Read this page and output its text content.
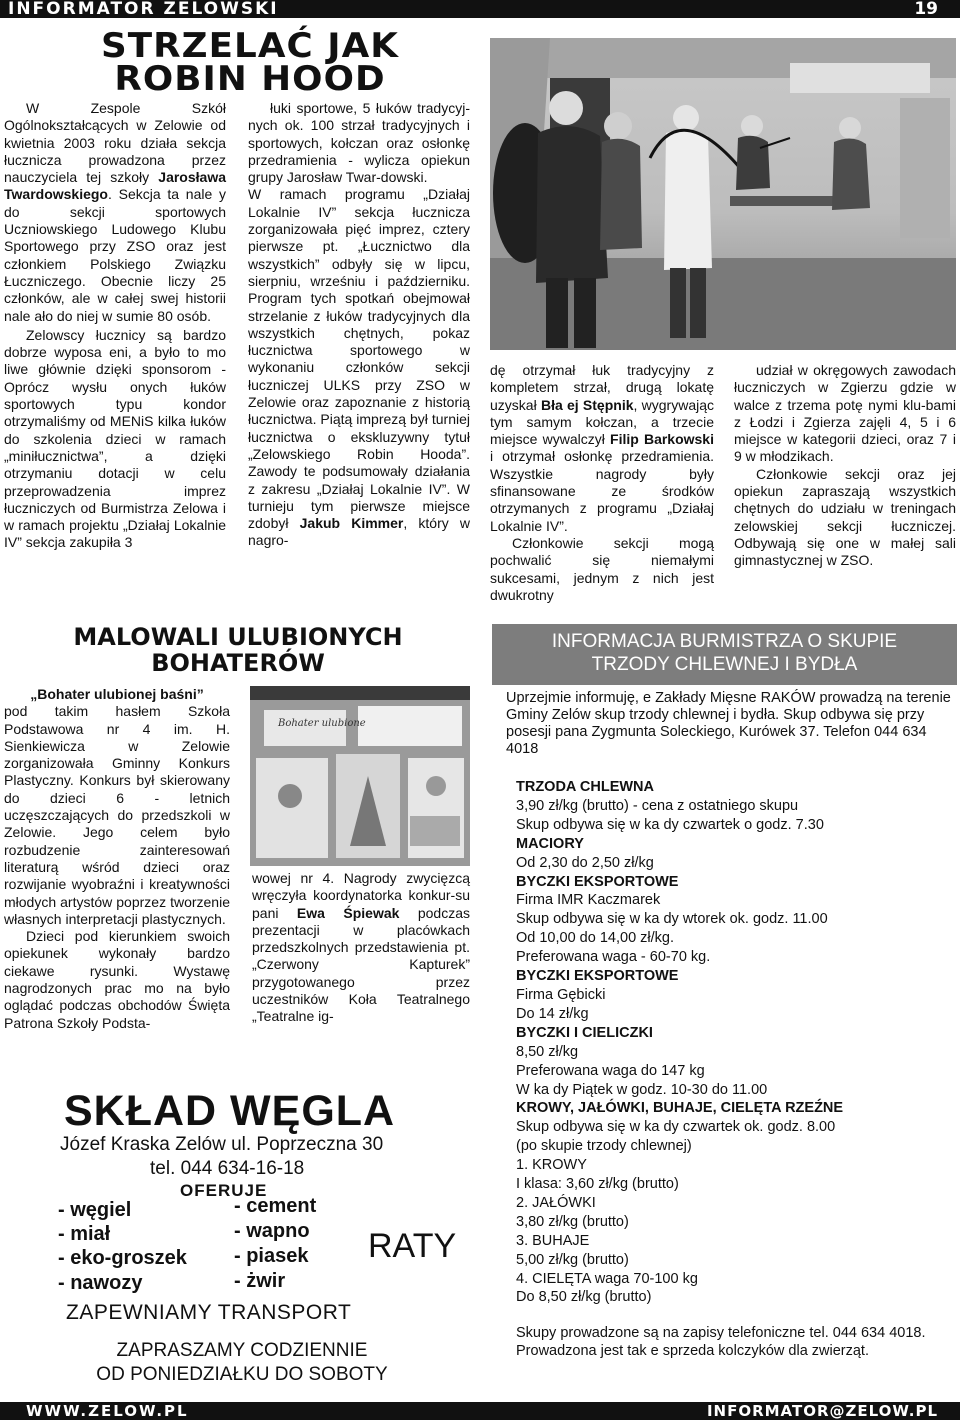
INFORMATOR ZELOWSKI	19
STRZELAĆ JAK
ROBIN HOOD

W Zespole Szkół Ogólnokształcących w Zelowie od kwietnia 2003 roku działa sekcja łucznicza prowadzona przez nauczyciela tej szkoły Jarosława Twardowskiego. Sekcja ta nale y do sekcji sportowych Uczniowskiego Ludowego Klubu Sportowego przy ZSO oraz jest członkiem Polskiego Związku Łuczniczego. Obecnie liczy 25 członków, ale w całej swej historii nale ało do niej w sumie 80 osób.

Zelowscy łucznicy są bardzo dobrze wyposa eni, a było to mo liwe głównie dzięki sponsorom - Oprócz wysłu onych łuków sportowych typu kondor otrzymaliśmy od MENiS kilka łuków do szkolenia dzieci w ramach „miniłucznictwa”, a dzięki otrzymaniu dotacji w celu przeprowadzenia imprez łuczniczych od Burmistrza Zelowa i w ramach projektu „Działaj Lokalnie IV” sekcja zakupiła 3

łuki sportowe, 5 łuków tradycyj-nych ok. 100 strzał tradycyjnych i sportowych, kołczan oraz osłonkę przedramienia - wylicza opiekun grupy Jarosław Twar-dowski.

W ramach programu „Działaj Lokalnie IV” sekcja łucznicza zorganizowała pięć imprez, cztery pierwsze pt. „Łucznictwo dla wszystkich” odbyły się w lipcu, sierpniu, wrześniu i październiku. Program tych spotkań obejmował strzelanie z łuków tradycyjnych dla wszystkich chętnych, pokaz łucznictwa sportowego w wykonaniu członków sekcji łuczniczej ULKS przy ZSO w Zelowie oraz zapoznanie z historią łucznictwa. Piątą imprezą był turniej łucznictwa o ekskluzywny tytuł „Zelowskiego Robin Hooda”. Zawody te podsumowały działania z zakresu „Działaj Lokalnie IV”. W turnieju tym pierwsze miejsce zdobył

Jakub Kimmer, który w nagro-

dę otrzymał łuk tradycyjny z kompletem strzał, drugą lokatę uzyskał Bła ej Stępnik, wygrywając tym samym kołczan, a trzecie miejsce wywalczył Filip Barkowski i otrzymał osłonkę przedramienia. Wszystkie nagrody były sfinansowane ze środków otrzymanych z programu „Działaj Lokalnie IV”.

Członkowie sekcji mogą pochwalić się niemałymi sukcesami, jednym z nich jest dwukrotny

udział w okręgowych zawodach łuczniczych w Zgierzu gdzie w walce z trzema potę nymi klu-bami z Łodzi i Zgierza zajęli 4, 5 i 6 miejsce w kategorii dzieci, oraz 7 i 9 w młodzikach.

Członkowie sekcji oraz jej opiekun zapraszają wszystkich chętnych do udziału w treningach zelowskiej sekcji łuczniczej. Odbywają się one w małej sali gimnastycznej w ZSO.

MALOWALI ULUBIONYCH
BOHATERÓW

„Bohater ulubionej baśni”

pod takim hasłem Szkoła Podstawowa nr 4 im. H. Sienkiewicza w Zelowie zorganizowała Gminny Konkurs Plastyczny. Konkurs był skierowany do dzieci 6 - letnich uczęszczających do przedszkoli w Zelowie. Jego celem było rozbudzenie zainteresowań literaturą wśród dzieci oraz rozwijanie wyobraźni i kreatywności młodych artystów poprzez tworzenie własnych interpretacji plastycznych.

Dzieci pod kierunkiem swoich opiekunek wykonały bardzo ciekawe rysunki. Wystawę nagrodzonych prac mo na było oglądać podczas obchodów Święta Patrona Szkoły Podsta-

Bohater ulubione

wowej nr 4. Nagrody zwycięzcą wręczyła koordynatorka konkur-su pani Ewa Śpiewak podczas prezentacji w placówkach przedszkolnych przedstawienia pt. „Czerwony Kapturek” przygotowanego przez uczestników Koła Teatralnego „Teatralne ig-

INFORMACJA BURMISTRZA O SKUPIE
TRZODY CHLEWNEJ I BYDŁA
Uprzejmie informuję, e Zakłady Mięsne RAKÓW prowadzą na terenie Gminy Zelów skup trzody chlewnej i bydła. Skup odbywa się przy posesji pana Zygmunta Soleckiego, Kurówek 37. Telefon 044 634 4018
TRZODA CHLEWNA
3,90 zł/kg (brutto) - cena z ostatniego skupu
Skup odbywa się w ka dy czwartek o godz. 7.30
MACIORY
Od 2,30 do 2,50 zł/kg
BYCZKI EKSPORTOWE
Firma IMR Kaczmarek
Skup odbywa się w ka dy wtorek ok. godz. 11.00
Od 10,00 do 14,00 zł/kg.
Preferowana waga - 60-70 kg.
BYCZKI EKSPORTOWE
Firma Gębicki
Do 14 zł/kg
BYCZKI I CIELICZKI
8,50 zł/kg
Preferowana waga do 147 kg
W ka dy Piątek w godz. 10-30 do 11.00
KROWY, JAŁÓWKI, BUHAJE, CIELĘTA RZEŹNE
Skup odbywa się w ka dy czwartek ok. godz. 8.00
(po skupie trzody chlewnej)
1. KROWY
I klasa: 3,60 zł/kg (brutto)
2. JAŁÓWKI
3,80 zł/kg (brutto)
3. BUHAJE
5,00 zł/kg (brutto)
4. CIELĘTA waga 70-100 kg
Do 8,50 zł/kg (brutto)
Skupy prowadzone są na zapisy telefoniczne tel. 044 634 4018. Prowadzona jest tak e sprzeda kolczyków dla zwierząt.
SKŁAD WĘGLA
Józef Kraska Zelów ul. Poprzeczna 30
tel. 044 634-16-18
OFERUJE
- węgiel
- miał
- eko-groszek
- nawozy
- cement
- wapno
- piasek
- żwir
RATY
ZAPEWNIAMY TRANSPORT
ZAPRASZAMY CODZIENNIE
OD PONIEDZIAŁKU DO SOBOTY
WWW.ZELOW.PL	INFORMATOR@ZELOW.PL
